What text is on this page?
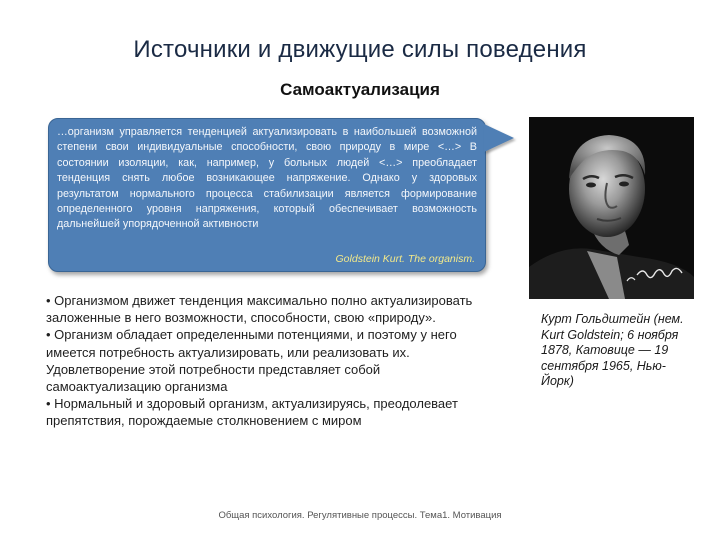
Источники и движущие силы поведения
Самоактуализация

…организм управляется тенденцией актуализировать в наибольшей возможной степени свои индивидуальные способности, свою природу в мире <…> В состоянии изоляции, как, например, у больных людей <…> преобладает тенденция снять любое возникающее напряжение. Однако у здоровых результатом нормального процесса стабилизации является формирование определенного уровня напряжения, который обеспечивает возможность дальнейшей упорядоченной активности

Goldstein Kurt. The organism.

• Организмом движет тенденция максимально полно актуализировать заложенные в него возможности, способности, свою «природу».

• Организм обладает определенными потенциями, и поэтому у него имеется потребность актуализировать, или реализовать их. Удовлетворение этой потребности представляет собой самоактуализацию организма

• Нормальный и здоровый организм, актуализируясь, преодолевает препятствия, порождаемые столкновением с миром

Курт Гольдштейн (нем. Kurt Goldstein; 6 ноября 1878, Катовице — 19 сентября 1965, Нью-Йорк)
Общая психология. Регулятивные процессы. Тема1. Мотивация
